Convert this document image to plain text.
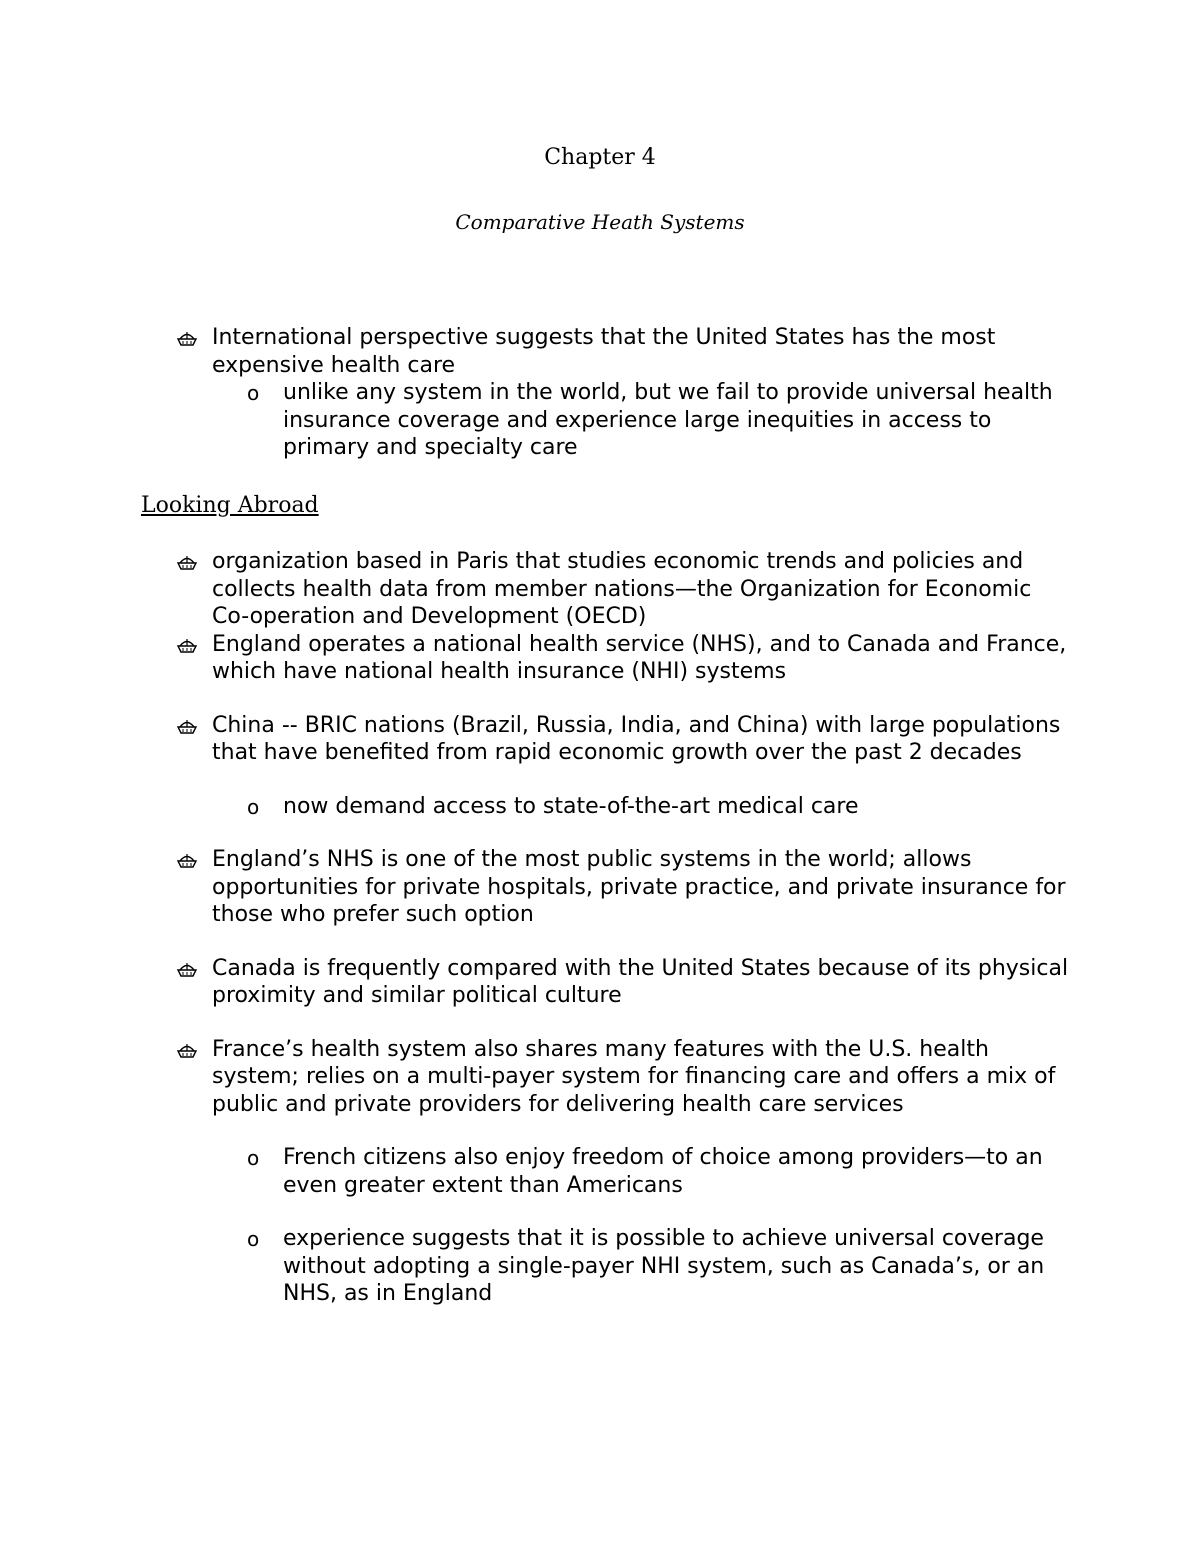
Chapter 4
Comparative Heath Systems
International perspective suggests that the United States has the most expensive health care
o unlike any system in the world, but we fail to provide universal health insurance coverage and experience large inequities in access to primary and specialty care
Looking Abroad
organization based in Paris that studies economic trends and policies and collects health data from member nations—the Organization for Economic Co-operation and Development (OECD)
England operates a national health service (NHS), and to Canada and France, which have national health insurance (NHI) systems
China -- BRIC nations (Brazil, Russia, India, and China) with large populations that have benefited from rapid economic growth over the past 2 decades
o now demand access to state-of-the-art medical care
England’s NHS is one of the most public systems in the world; allows opportunities for private hospitals, private practice, and private insurance for those who prefer such option
Canada is frequently compared with the United States because of its physical proximity and similar political culture
France’s health system also shares many features with the U.S. health system; relies on a multi-payer system for financing care and offers a mix of public and private providers for delivering health care services
o French citizens also enjoy freedom of choice among providers—to an even greater extent than Americans
o experience suggests that it is possible to achieve universal coverage without adopting a single-payer NHI system, such as Canada’s, or an NHS, as in England
